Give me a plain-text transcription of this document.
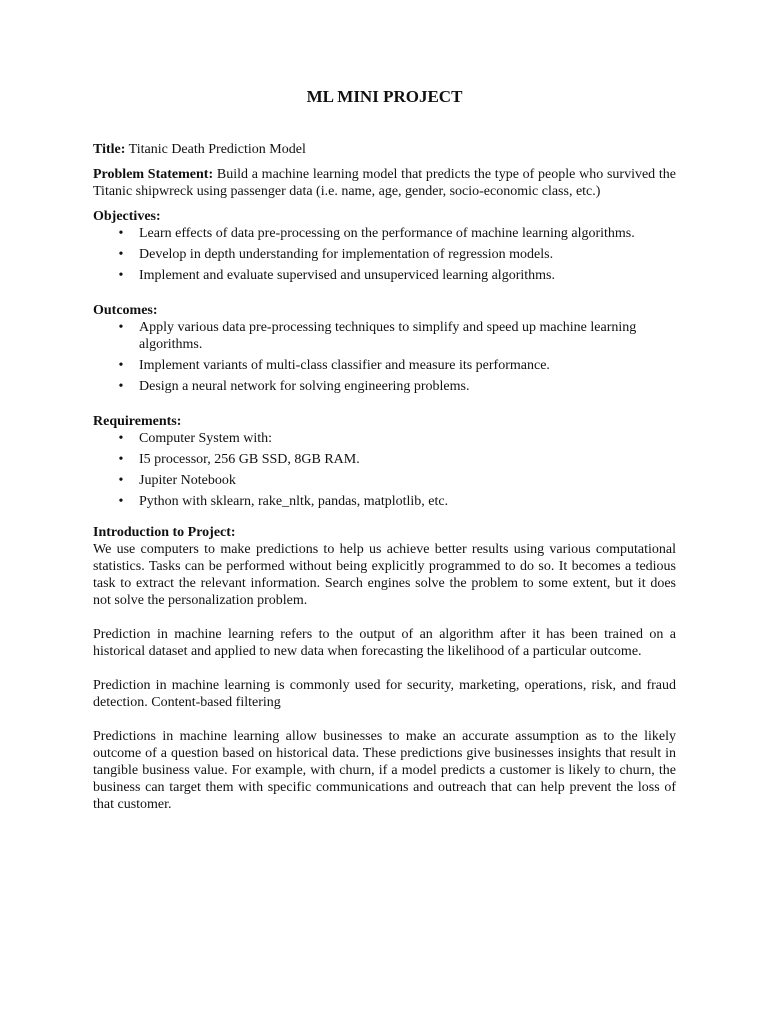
ML MINI PROJECT

Title: Titanic Death Prediction Model

Problem Statement: Build a machine learning model that predicts the type of people who survived the Titanic shipwreck using passenger data (i.e. name, age, gender, socio-economic class, etc.)

Objectives:

• Learn effects of data pre-processing on the performance of machine learning algorithms.
• Develop in depth understanding for implementation of regression models.
• Implement and evaluate supervised and unsuperviced learning algorithms.

Outcomes:

• Apply various data pre-processing techniques to simplify and speed up machine learning algorithms.
• Implement variants of multi-class classifier and measure its performance.
• Design a neural network for solving engineering problems.

Requirements:

• Computer System with:
• I5 processor, 256 GB SSD, 8GB RAM.
• Jupiter Notebook
• Python with sklearn, rake_nltk, pandas, matplotlib, etc.

Introduction to Project:

We use computers to make predictions to help us achieve better results using various computational statistics. Tasks can be performed without being explicitly programmed to do so. It becomes a tedious task to extract the relevant information. Search engines solve the problem to some extent, but it does not solve the personalization problem.

Prediction in machine learning refers to the output of an algorithm after it has been trained on a historical dataset and applied to new data when forecasting the likelihood of a particular outcome.

Prediction in machine learning is commonly used for security, marketing, operations, risk, and fraud detection. Content-based filtering

Predictions in machine learning allow businesses to make an accurate assumption as to the likely outcome of a question based on historical data. These predictions give businesses insights that result in tangible business value. For example, with churn, if a model predicts a customer is likely to churn, the business can target them with specific communications and outreach that can help prevent the loss of that customer.
